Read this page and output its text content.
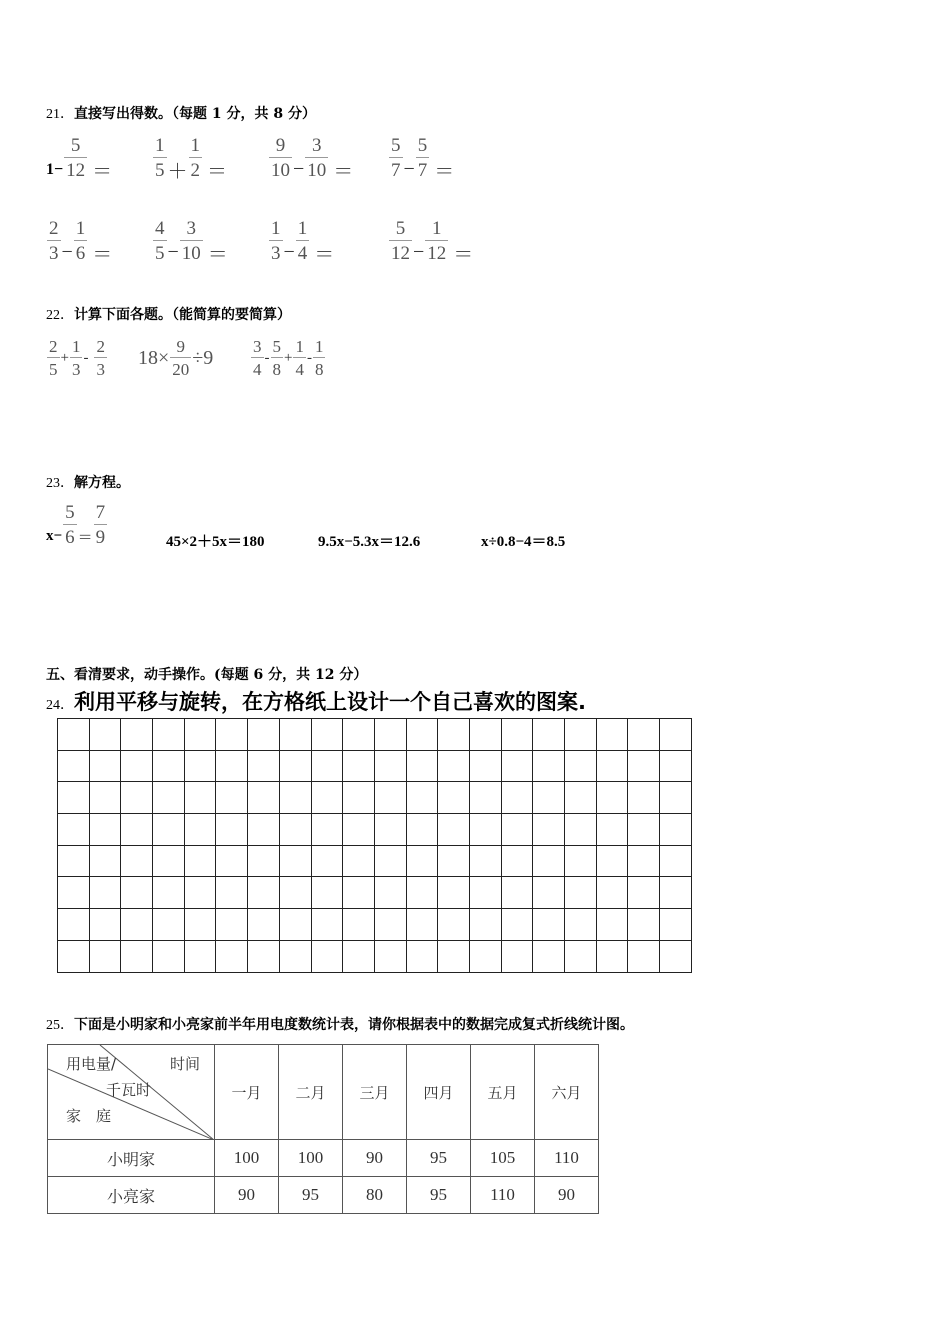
21．直接写出得数。（每题 1 分，共 8 分）
$1- \frac{5}{12} = \frac{1}{5} + \frac{1}{2} = \frac{9}{10} - \frac{3}{10} = \frac{5}{7} - \frac{5}{7}$ ＝
$\frac{2}{3} - \frac{1}{6} = \frac{4}{5} - \frac{3}{10} = \frac{1}{3} - \frac{1}{4}$ ＝	$\frac{5}{12} - \frac{1}{12}$ ＝
22．计算下面各题。（能简算的要简算）
$\frac{2}{5} + \frac{1}{3} - \frac{2}{3} 18\times \frac{9}{20} \div 9 \frac{3}{4} - \frac{5}{8} + \frac{1}{4} - \frac{1}{8}$
23．解方程。
$x- \frac{5}{6} = \frac{7}{9}$	45×2＋5x＝180	9.5x−5.3x＝12.6	x÷0.8−4＝8.5
五、看清要求，动手操作。(每题 6 分，共 12 分）
24．利用平移与旋转，在方格纸上设计一个自己喜欢的图案.

25．下面是小明家和小亮家前半年用电度数统计表，请你根据表中的数据完成复式折线统计图。
用电量/ 时间
千瓦时
家　庭	一月	二月	三月	四月	五月	六月
小明家	100	100	90	95	105	110
小亮家	90	95	80	95	110	90
